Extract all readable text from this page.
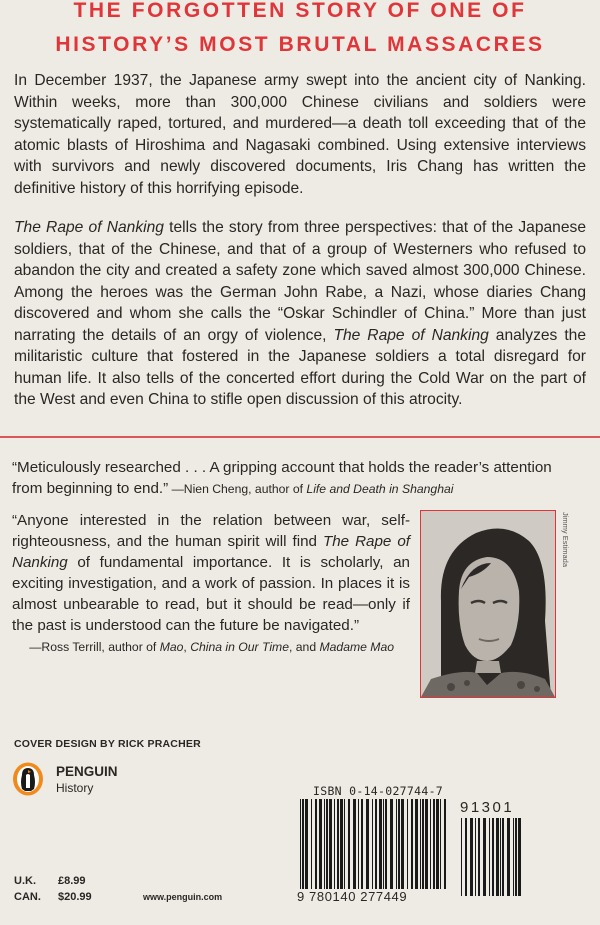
THE FORGOTTEN STORY OF ONE OF
HISTORY’S MOST BRUTAL MASSACRES

In December 1937, the Japanese army swept into the ancient city of Nanking. Within weeks, more than 300,000 Chinese civilians and soldiers were systematically raped, tortured, and murdered—a death toll exceeding that of the atomic blasts of Hiroshima and Nagasaki combined. Using extensive interviews with survivors and newly discovered documents, Iris Chang has written the definitive history of this horrifying episode.

The Rape of Nanking tells the story from three perspectives: that of the Japanese soldiers, that of the Chinese, and that of a group of Westerners who refused to abandon the city and created a safety zone which saved almost 300,000 Chinese. Among the heroes was the German John Rabe, a Nazi, whose diaries Chang discovered and whom she calls the “Oskar Schindler of China.” More than just narrating the details of an orgy of violence, The Rape of Nanking analyzes the militaristic culture that fostered in the Japanese soldiers a total disregard for human life. It also tells of the concerted effort during the Cold War on the part of the West and even China to stifle open discussion of this atrocity.

“Meticulously researched . . . A gripping account that holds the reader’s attention from beginning to end.” —Nien Cheng, author of Life and Death in Shanghai

“Anyone interested in the relation between war, self-righteousness, and the human spirit will find The Rape of Nanking of fundamental importance. It is scholarly, an exciting investigation, and a work of passion. In places it is almost unbearable to read, but it should be read—only if the past is understood can the future be navigated.”
—Ross Terrill, author of Mao, China in Our Time, and Madame Mao
Jimmy Estimada
COVER DESIGN BY RICK PRACHER
PENGUIN
History
U.K. £8.99
CAN. $20.99	www.penguin.com
ISBN 0-14-027744-7
9 780140 277449
91301
